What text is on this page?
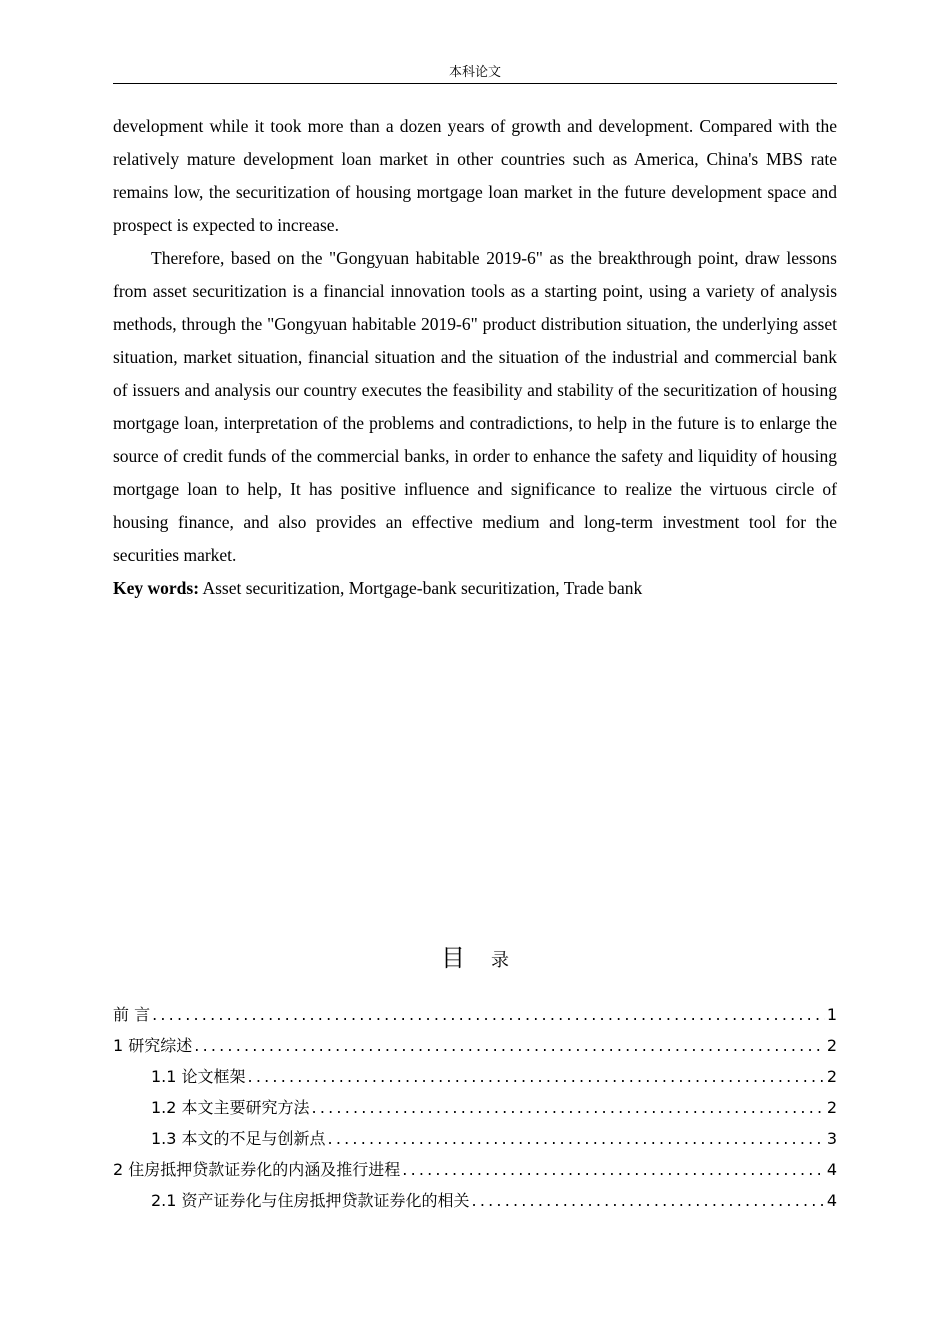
本科论文

development while it took more than a dozen years of growth and development. Compared with the relatively mature development loan market in other countries such as America, China's MBS rate remains low, the securitization of housing mortgage loan market in the future development space and prospect is expected to increase.

Therefore, based on the "Gongyuan habitable 2019-6" as the breakthrough point, draw lessons from asset securitization is a financial innovation tools as a starting point, using a variety of analysis methods, through the "Gongyuan habitable 2019-6" product distribution situation, the underlying asset situation, market situation, financial situation and the situation of the industrial and commercial bank of issuers and analysis our country executes the feasibility and stability of the securitization of housing mortgage loan, interpretation of the problems and contradictions, to help in the future is to enlarge the source of credit funds of the commercial banks, in order to enhance the safety and liquidity of housing mortgage loan to help, It has positive influence and significance to realize the virtuous circle of housing finance, and also provides an effective medium and long-term investment tool for the securities market.

Key words: Asset securitization, Mortgage-bank securitization, Trade bank

目 录
前 言 .....	1
1 研究综述 .....	2
1.1 论文框架 .....	2
1.2 本文主要研究方法 .....	2
1.3 本文的不足与创新点 .....	3
2 住房抵押贷款证券化的内涵及推行进程 .....	4
2.1 资产证券化与住房抵押贷款证券化的相关 .....	4
